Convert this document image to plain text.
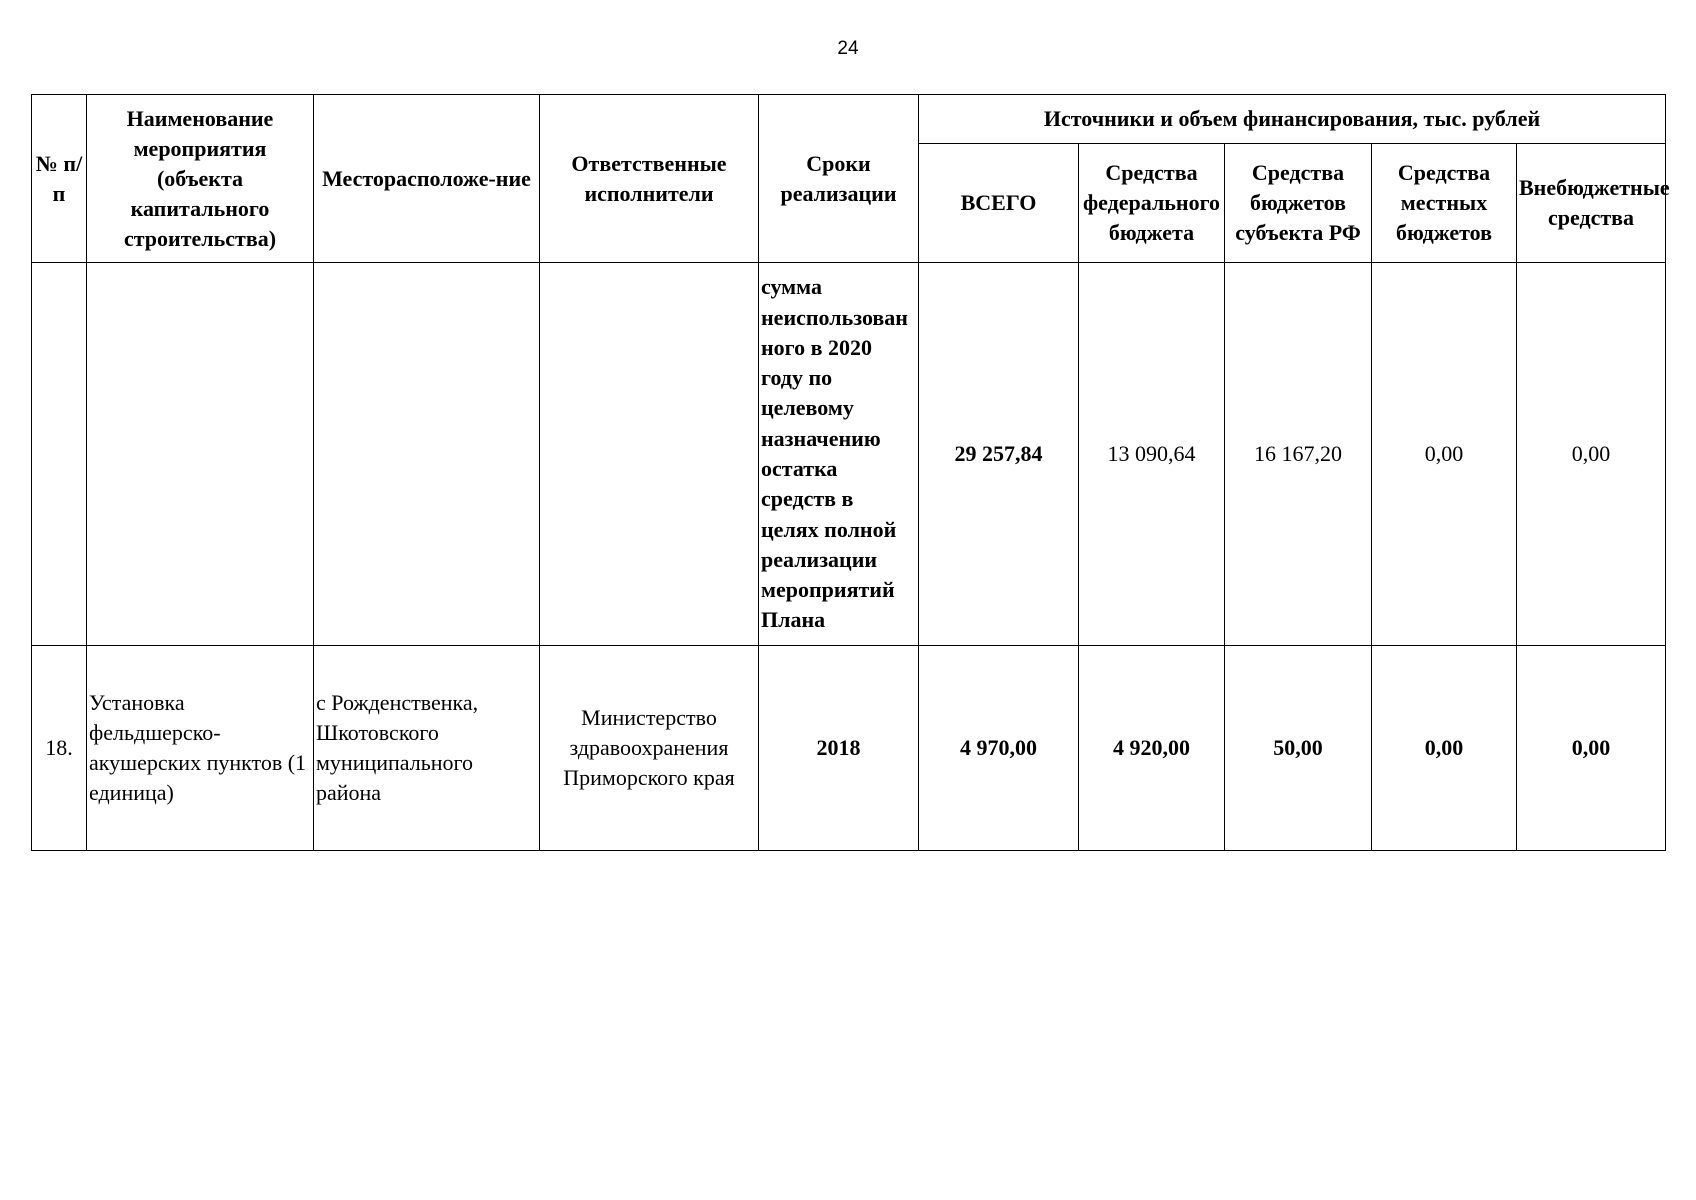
24
№ п/п	Наименование мероприятия (объекта капитального строительства)	Месторасположе-ние	Ответственные исполнители	Сроки реализации	Источники и объем финансирования, тыс. рублей				
					ВСЕГО	Средства федерального бюджета	Средства бюджетов субъекта РФ	Средства местных бюджетов	Внебюджетные средства
				сумма неиспользованного в 2020 году по целевому назначению остатка средств в целях полной реализации мероприятий Плана	29 257,84	13 090,64	16 167,20	0,00	0,00
18.	Установка фельдшерско-акушерских пунктов (1 единица)	с Рожденственка, Шкотовского муниципального района	Министерство здравоохранения Приморского края	2018	4 970,00	4 920,00	50,00	0,00	0,00
